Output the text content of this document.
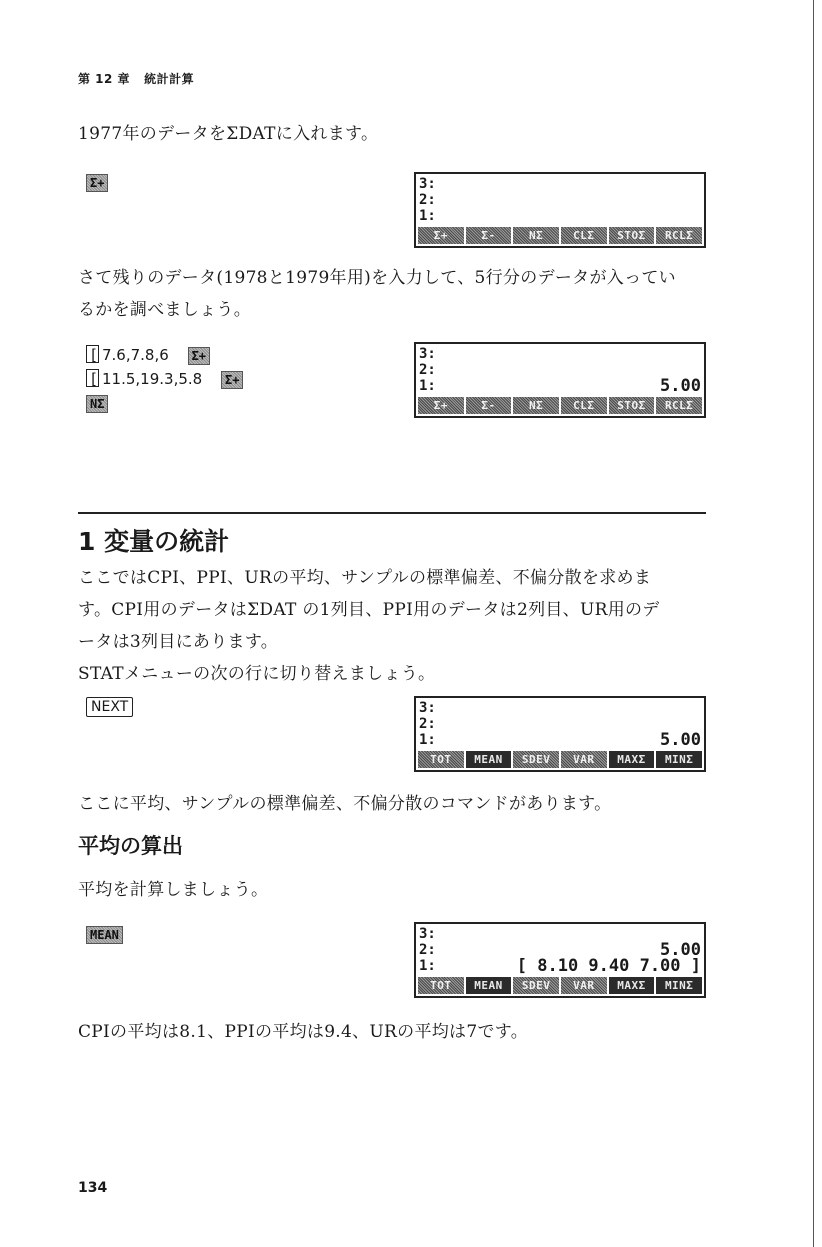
第 12 章 統計計算
1977年のデータをΣDATに入れます。
Σ+	3:
2:
1:
Σ+	Σ-	NΣ	CLΣ	STOΣ	RCLΣ
さて残りのデータ(1978と1979年用)を入力して、5行分のデータが入ってい
るかを調べましょう。
[7.6,7.8,6 Σ+
[11.5,19.3,5.8 Σ+
NΣ
3:
2:
1:	5.00
Σ+	Σ-	NΣ	CLΣ	STOΣ	RCLΣ
1 変量の統計
ここではCPI、PPI、URの平均、サンプルの標準偏差、不偏分散を求めま
す。CPI用のデータはΣDAT の1列目、PPI用のデータは2列目、UR用のデ
ータは3列目にあります。
STATメニューの次の行に切り替えましょう。
NEXT	3:
2:
1:	5.00
TOT	MEAN	SDEV	VAR	MAXΣ	MINΣ
ここに平均、サンプルの標準偏差、不偏分散のコマンドがあります。
平均の算出
平均を計算しましょう。
MEAN	3:
2:	5.00
1:	[ 8.10 9.40 7.00 ]
TOT	MEAN	SDEV	VAR	MAXΣ	MINΣ
CPIの平均は8.1、PPIの平均は9.4、URの平均は7です。
134
